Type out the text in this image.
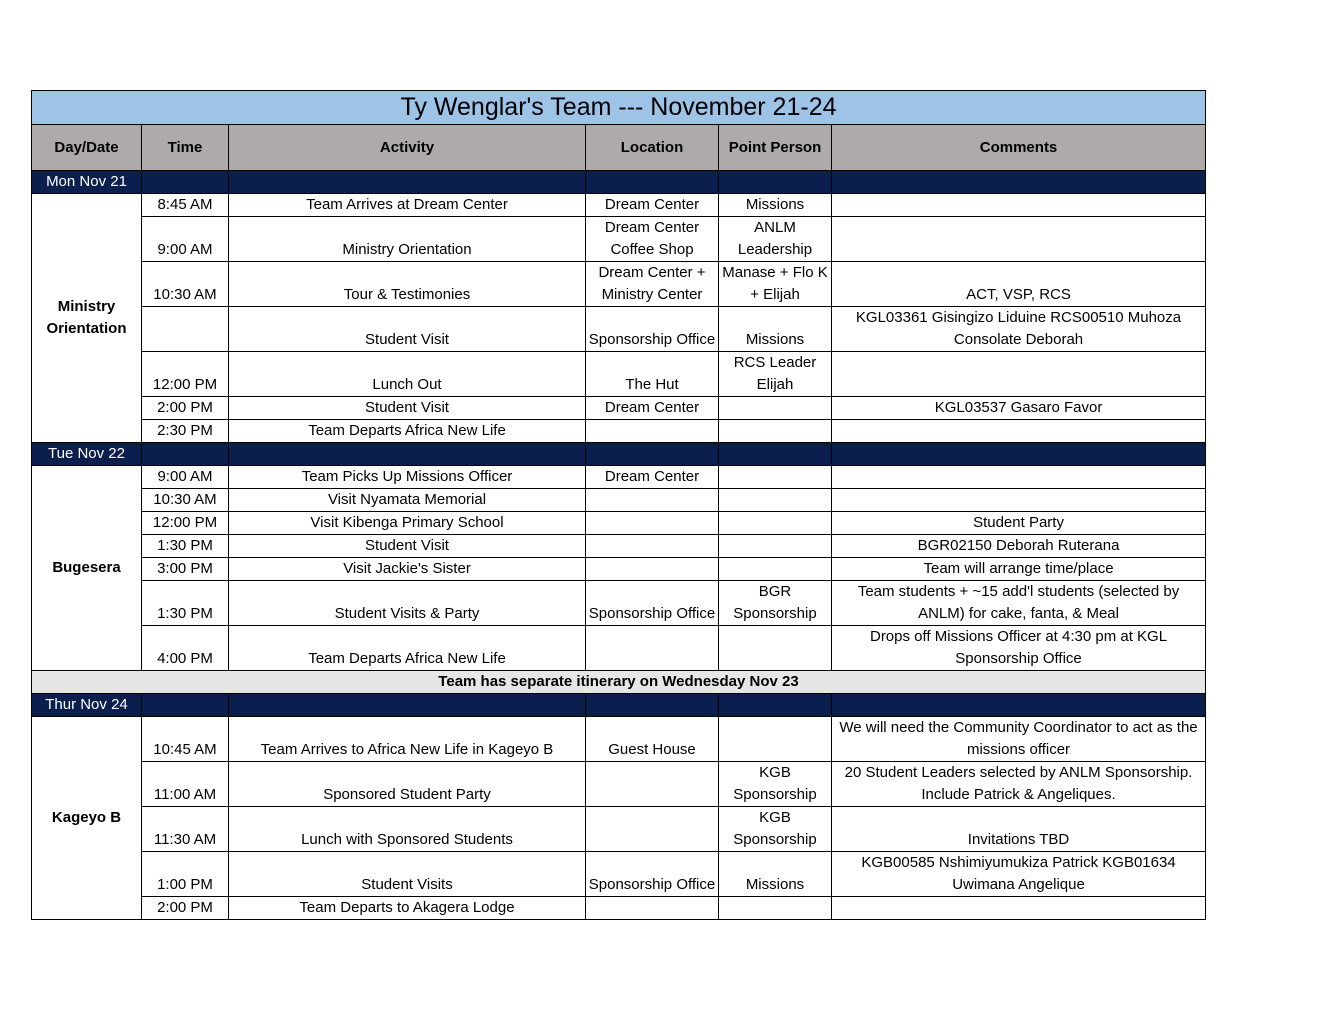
Ty Wenglar's Team --- November 21-24					
Day/Date	Time	Activity	Location	Point Person	Comments
Mon Nov 21					
Ministry Orientation	8:45 AM	Team Arrives at Dream Center	Dream Center	Missions	
	9:00 AM	Ministry Orientation	Dream Center Coffee Shop	ANLM Leadership	
	10:30 AM	Tour & Testimonies	Dream Center + Ministry Center	Manase + Flo K + Elijah	ACT, VSP, RCS
		Student Visit	Sponsorship Office	Missions	KGL03361 Gisingizo Liduine RCS00510 Muhoza Consolate Deborah
	12:00 PM	Lunch Out	The Hut	RCS Leader Elijah	
	2:00 PM	Student Visit	Dream Center		KGL03537 Gasaro Favor
	2:30 PM	Team Departs Africa New Life			
Tue Nov 22					
Bugesera	9:00 AM	Team Picks Up Missions Officer	Dream Center		
	10:30 AM	Visit Nyamata Memorial			
	12:00 PM	Visit Kibenga Primary School			Student Party
	1:30 PM	Student Visit			BGR02150 Deborah Ruterana
	3:00 PM	Visit Jackie's Sister			Team will arrange time/place
	1:30 PM	Student Visits & Party	Sponsorship Office	BGR Sponsorship	Team students + ~15 add'l students (selected by ANLM) for cake, fanta, & Meal
	4:00 PM	Team Departs Africa New Life			Drops off Missions Officer at 4:30 pm at KGL Sponsorship Office
Team has separate itinerary on Wednesday Nov 23					
Thur Nov 24					
Kageyo B	10:45 AM	Team Arrives to Africa New Life in Kageyo B	Guest House		We will need the Community Coordinator to act as the missions officer
	11:00 AM	Sponsored Student Party		KGB Sponsorship	20 Student Leaders selected by ANLM Sponsorship. Include Patrick & Angeliques.
	11:30 AM	Lunch with Sponsored Students		KGB Sponsorship	Invitations TBD
	1:00 PM	Student Visits	Sponsorship Office	Missions	KGB00585 Nshimiyumukiza Patrick KGB01634 Uwimana Angelique
	2:00 PM	Team Departs to Akagera Lodge			
